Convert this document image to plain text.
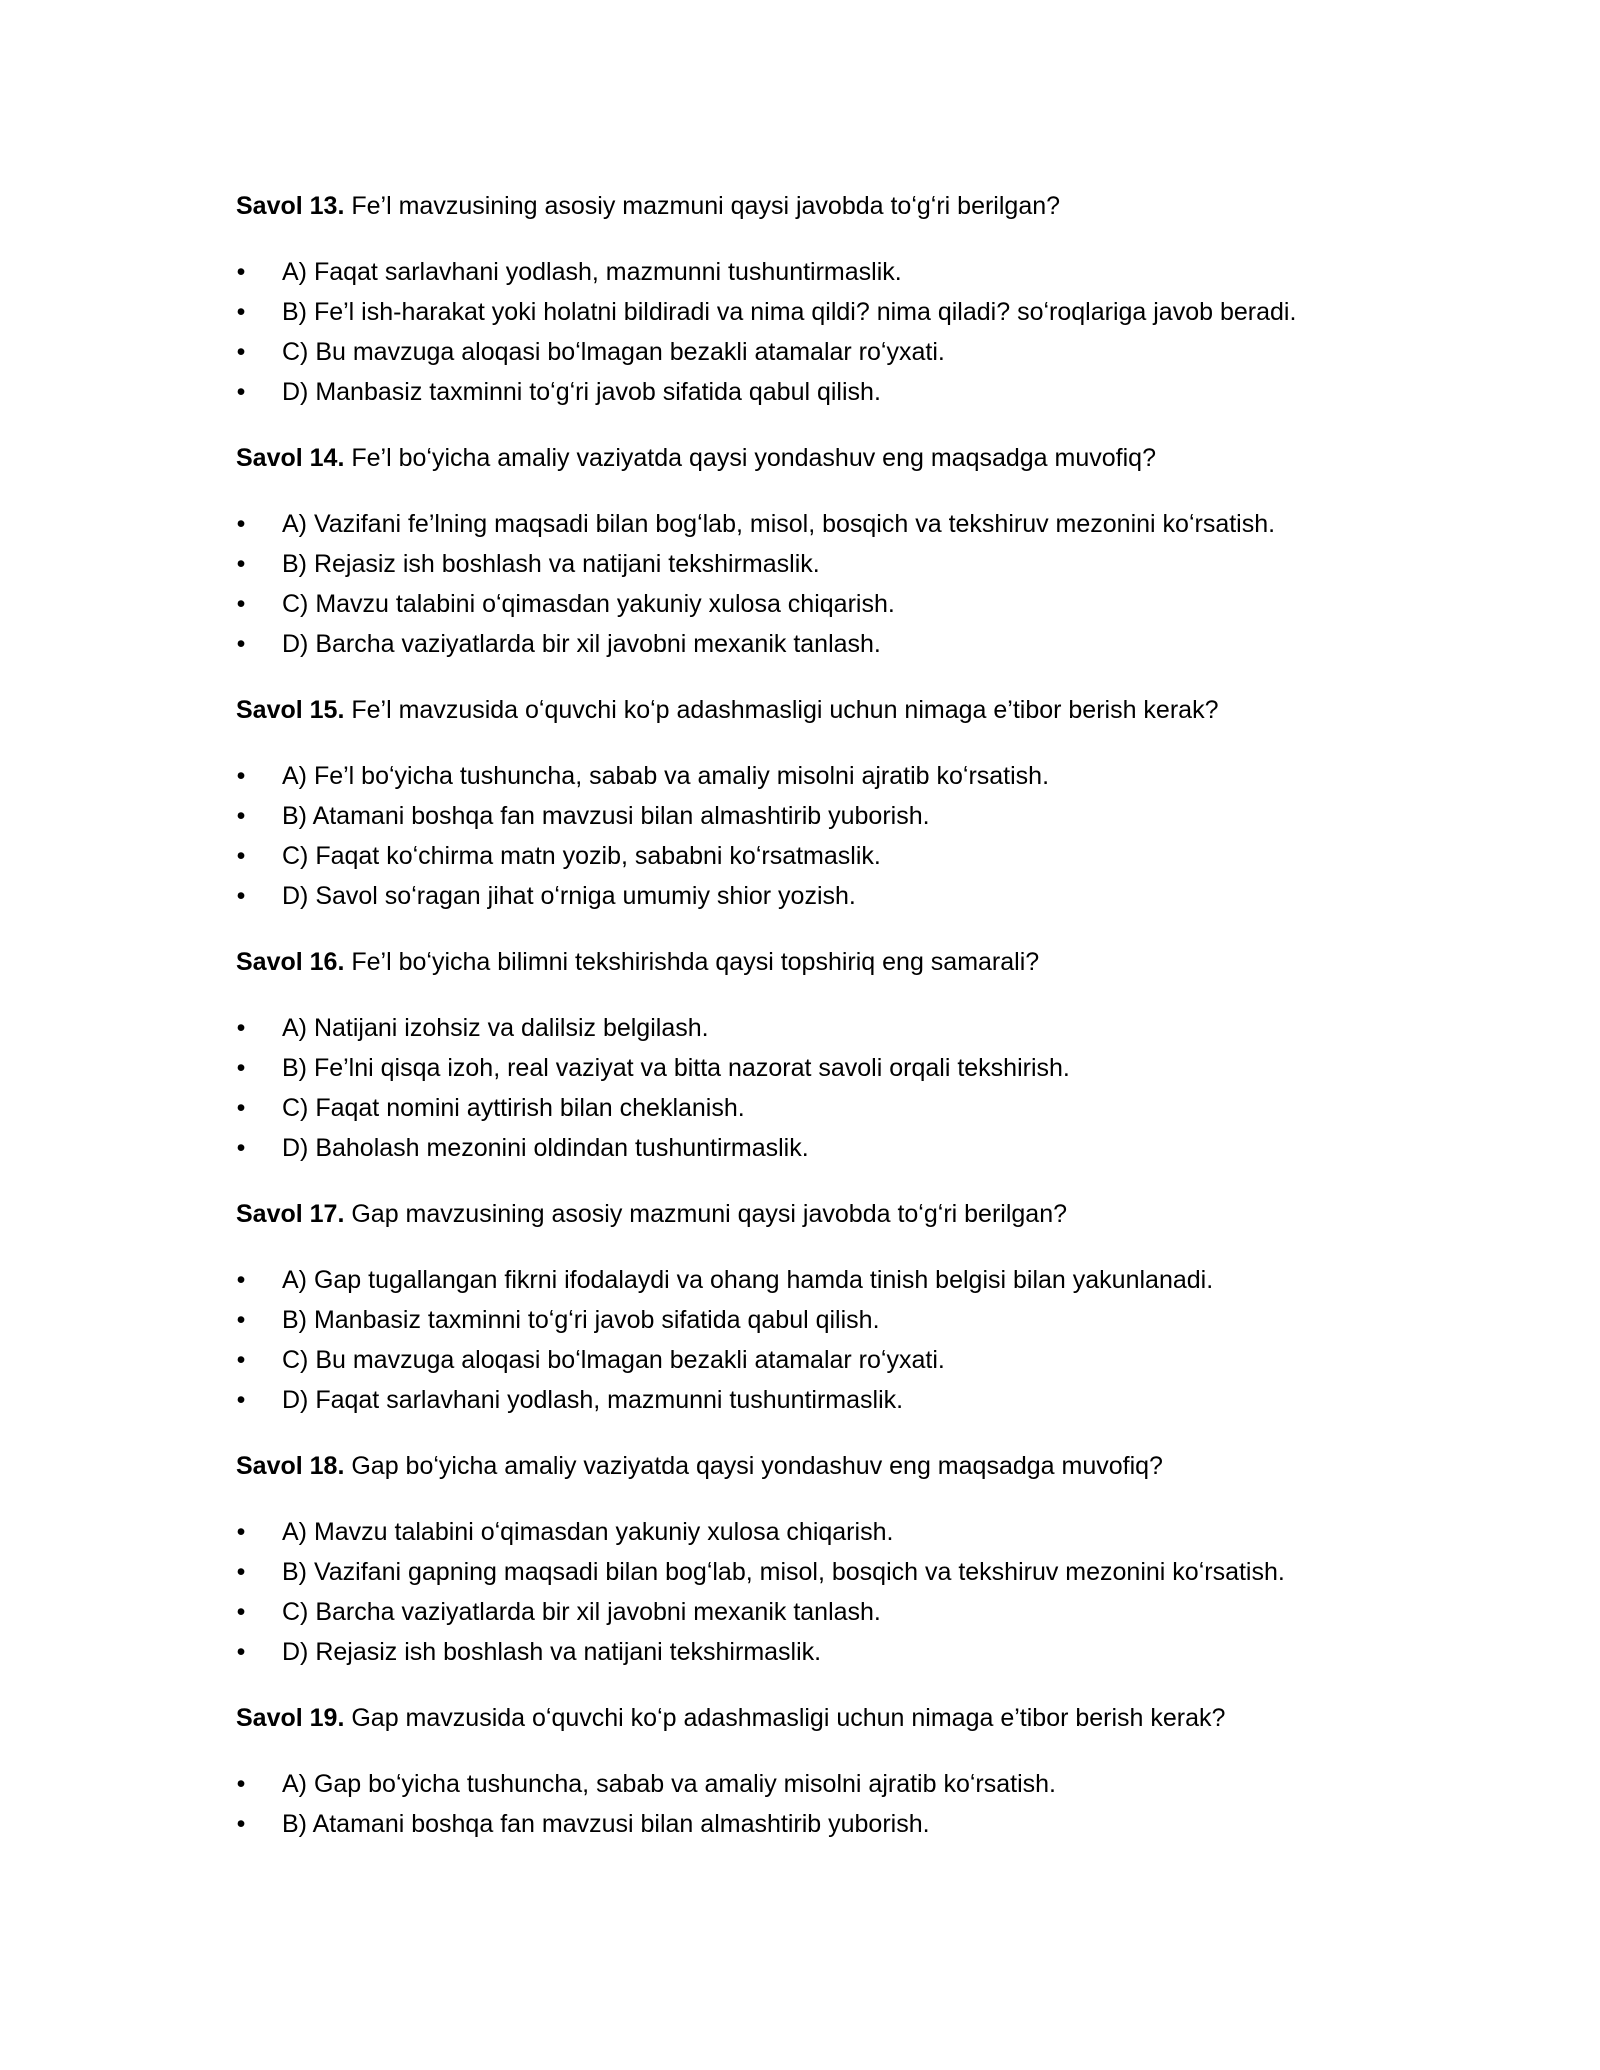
Savol 13. Fe’l mavzusining asosiy mazmuni qaysi javobda toʻgʻri berilgan?

• A) Faqat sarlavhani yodlash, mazmunni tushuntirmaslik.
• B) Fe’l ish-harakat yoki holatni bildiradi va nima qildi? nima qiladi? soʻroqlariga javob beradi.
• C) Bu mavzuga aloqasi boʻlmagan bezakli atamalar roʻyxati.
• D) Manbasiz taxminni toʻgʻri javob sifatida qabul qilish.

Savol 14. Fe’l boʻyicha amaliy vaziyatda qaysi yondashuv eng maqsadga muvofiq?

• A) Vazifani fe’lning maqsadi bilan bogʻlab, misol, bosqich va tekshiruv mezonini koʻrsatish.
• B) Rejasiz ish boshlash va natijani tekshirmaslik.
• C) Mavzu talabini oʻqimasdan yakuniy xulosa chiqarish.
• D) Barcha vaziyatlarda bir xil javobni mexanik tanlash.

Savol 15. Fe’l mavzusida oʻquvchi koʻp adashmasligi uchun nimaga e’tibor berish kerak?

• A) Fe’l boʻyicha tushuncha, sabab va amaliy misolni ajratib koʻrsatish.
• B) Atamani boshqa fan mavzusi bilan almashtirib yuborish.
• C) Faqat koʻchirma matn yozib, sababni koʻrsatmaslik.
• D) Savol soʻragan jihat oʻrniga umumiy shior yozish.

Savol 16. Fe’l boʻyicha bilimni tekshirishda qaysi topshiriq eng samarali?

• A) Natijani izohsiz va dalilsiz belgilash.
• B) Fe’lni qisqa izoh, real vaziyat va bitta nazorat savoli orqali tekshirish.
• C) Faqat nomini ayttirish bilan cheklanish.
• D) Baholash mezonini oldindan tushuntirmaslik.

Savol 17. Gap mavzusining asosiy mazmuni qaysi javobda toʻgʻri berilgan?

• A) Gap tugallangan fikrni ifodalaydi va ohang hamda tinish belgisi bilan yakunlanadi.
• B) Manbasiz taxminni toʻgʻri javob sifatida qabul qilish.
• C) Bu mavzuga aloqasi boʻlmagan bezakli atamalar roʻyxati.
• D) Faqat sarlavhani yodlash, mazmunni tushuntirmaslik.

Savol 18. Gap boʻyicha amaliy vaziyatda qaysi yondashuv eng maqsadga muvofiq?

• A) Mavzu talabini oʻqimasdan yakuniy xulosa chiqarish.
• B) Vazifani gapning maqsadi bilan bogʻlab, misol, bosqich va tekshiruv mezonini koʻrsatish.
• C) Barcha vaziyatlarda bir xil javobni mexanik tanlash.
• D) Rejasiz ish boshlash va natijani tekshirmaslik.

Savol 19. Gap mavzusida oʻquvchi koʻp adashmasligi uchun nimaga e’tibor berish kerak?

• A) Gap boʻyicha tushuncha, sabab va amaliy misolni ajratib koʻrsatish.
• B) Atamani boshqa fan mavzusi bilan almashtirib yuborish.
